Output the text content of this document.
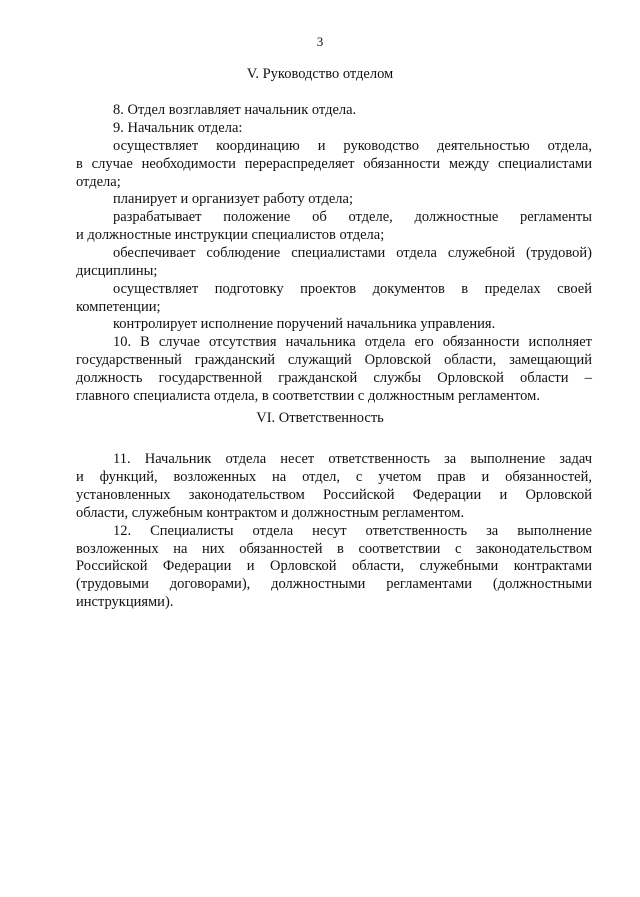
3
V. Руководство отделом
8. Отдел возглавляет начальник отдела.
9. Начальник отдела:
осуществляет координацию и руководство деятельностью отдела,
в случае необходимости перераспределяет обязанности между специалистами
отдела;
планирует и организует работу отдела;
разрабатывает положение об отделе, должностные регламенты
и должностные инструкции специалистов отдела;
обеспечивает соблюдение специалистами отдела служебной (трудовой)
дисциплины;
осуществляет подготовку проектов документов в пределах своей
компетенции;
контролирует исполнение поручений начальника управления.
10. В случае отсутствия начальника отдела его обязанности исполняет
государственный гражданский служащий Орловской области, замещающий
должность государственной гражданской службы Орловской области –
главного специалиста отдела, в соответствии с должностным регламентом.
VI. Ответственность
11. Начальник отдела несет ответственность за выполнение задач
и функций, возложенных на отдел, с учетом прав и обязанностей,
установленных законодательством Российской Федерации и Орловской
области, служебным контрактом и должностным регламентом.
12. Специалисты отдела несут ответственность за выполнение
возложенных на них обязанностей в соответствии с законодательством
Российской Федерации и Орловской области, служебными контрактами
(трудовыми договорами), должностными регламентами (должностными
инструкциями).
